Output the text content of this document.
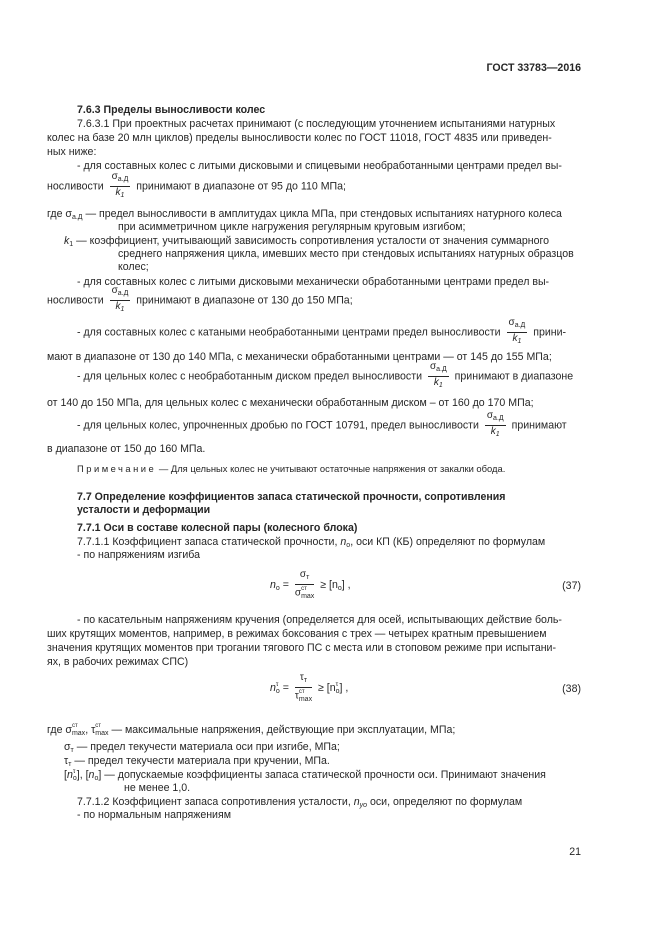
ГОСТ 33783—2016
7.6.3 Пределы выносливости колес
7.6.3.1 При проектных расчетах принимают (с последующим уточнением испытаниями натурных
колес на базе 20 млн циклов) пределы выносливости колес по ГОСТ 11018, ГОСТ 4835 или приведен-
ных ниже:
- для составных колес с литыми дисковыми и спицевыми необработанными центрами предел вы-
носливости $\frac{\sigma_{а.Д}}{k_1}$ принимают в диапазоне от 95 до 110 МПа;
где $\sigma_{а.Д}$ — предел выносливости в амплитудах цикла МПа, при стендовых испытаниях натурного колеса
при асимметричном цикле нагружения регулярным круговым изгибом;
$k_1$ — коэффициент, учитывающий зависимость сопротивления усталости от значения суммарного
среднего напряжения цикла, имевших место при стендовых испытаниях натурных образцов
колес;
- для составных колес с литыми дисковыми механически обработанными центрами предел вы-
носливости $\frac{\sigma_{а.Д}}{k_1}$ принимают в диапазоне от 130 до 150 МПа;
- для составных колес с катаными необработанными центрами предел выносливости $\frac{\sigma_{а.Д}}{k_1}$ прини-
мают в диапазоне от 130 до 140 МПа, с механически обработанными центрами — от 145 до 155 МПа;
- для цельных колес с необработанным диском предел выносливости $\frac{\sigma_{а.Д}}{k_1}$ принимают в диапазоне
от 140 до 150 МПа, для цельных колес с механически обработанным диском – от 160 до 170 МПа;
- для цельных колес, упрочненных дробью по ГОСТ 10791, предел выносливости $\frac{\sigma_{а.Д}}{k_1}$ принимают
в диапазоне от 150 до 160 МПа.
Примечание — Для цельных колес не учитывают остаточные напряжения от закалки обода.
7.7 Определение коэффициентов запаса статической прочности, сопротивления
усталости и деформации
7.7.1 Оси в составе колесной пары (колесного блока)
7.7.1.1 Коэффициент запаса статической прочности, $n_o$, оси КП (КБ) определяют по формулам
- по напряжениям изгиба
$n_о = \sigma_т$
σ ст
$\max \ge [n_о]$ ,	(37)
- по касательным напряжениям кручения (определяется для осей, испытывающих действие боль-
ших крутящих моментов, например, в режимах боксования с трех — четырех кратным превышением
значения крутящих моментов при трогании тягового ПС с места или в стоповом режиме при испытани-
ях, в рабочих режимах СПС)
n τ
$о = \tau_т$
τ ст
max ≥ [n τ
о ] ,	(38)
где σ ст
max , τ ст
max — максимальные напряжения, действующие при эксплуатации, МПа;
$\sigma_т$ — предел текучести материала оси при изгибе, МПа;
$\tau_т$ — предел текучести материала при кручении, МПа.
[n τ
о ], $[n_о]$ — допускаемые коэффициенты запаса статической прочности оси. Принимают значения
не менее 1,0.
7.7.1.2 Коэффициент запаса сопротивления усталости, $n_{уо}$ оси, определяют по формулам
- по нормальным напряжениям
21
